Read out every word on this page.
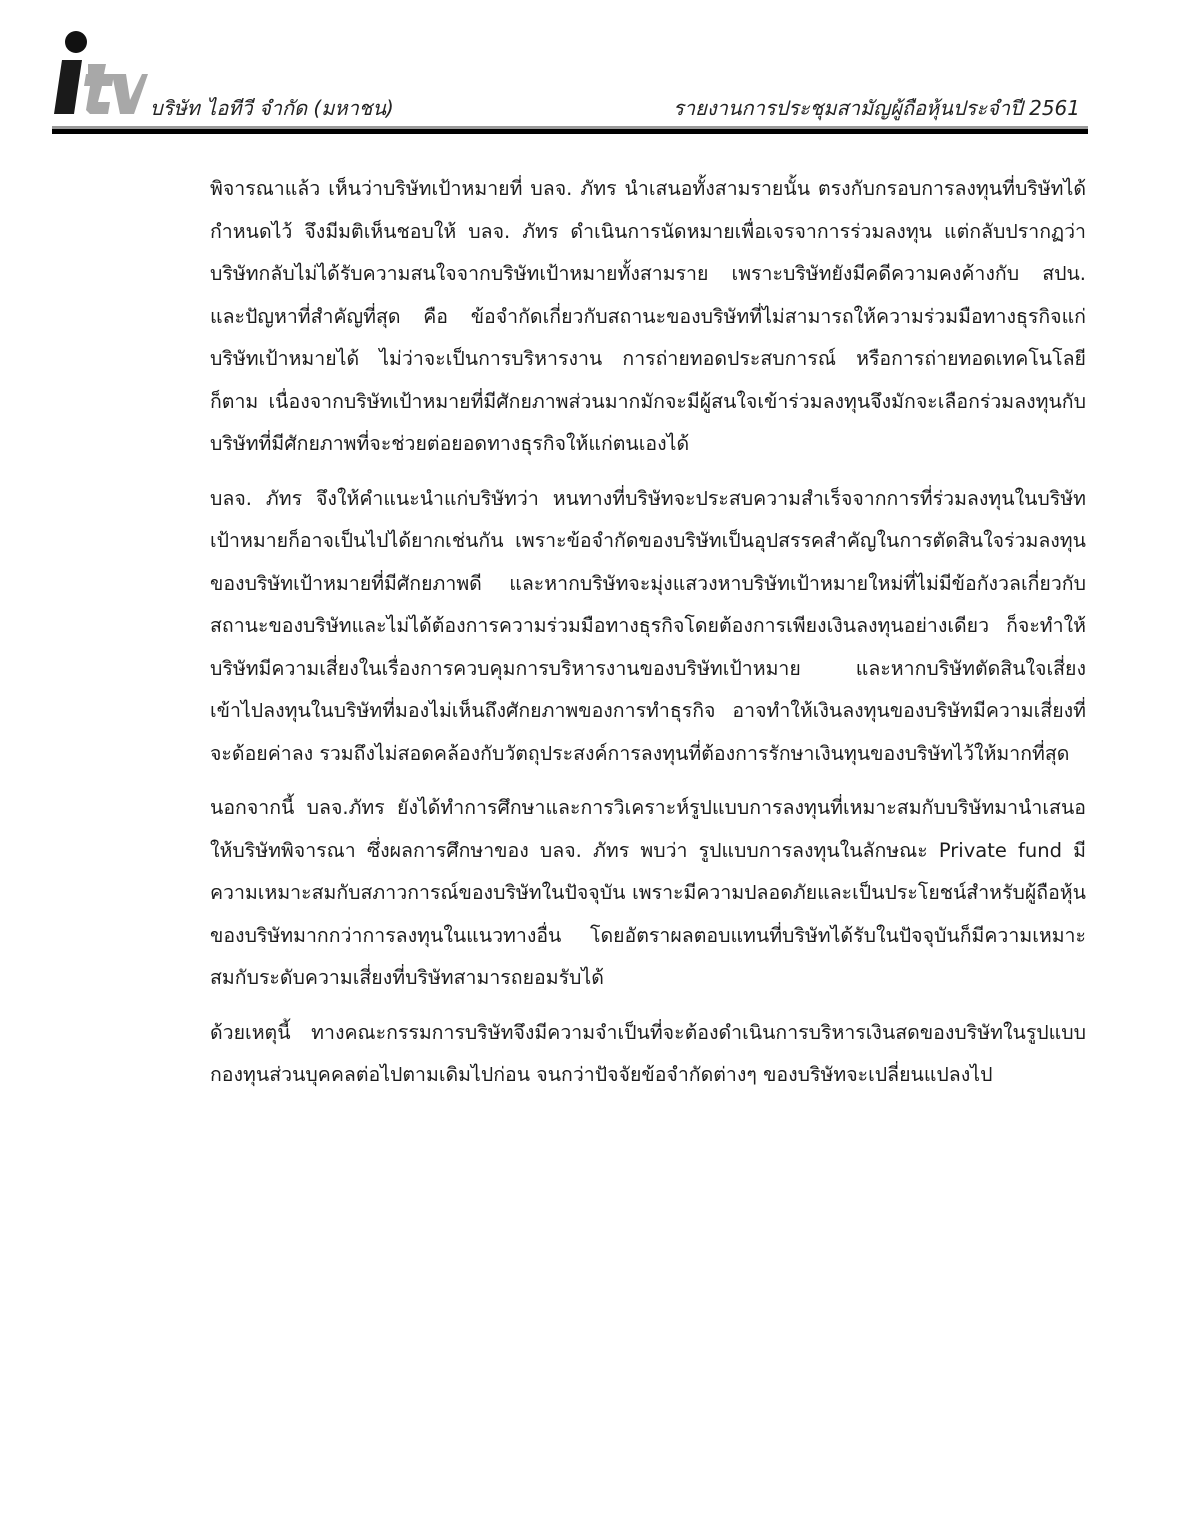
บริษัท ไอทีวี จำกัด (มหาชน)	รายงานการประชุมสามัญผู้ถือหุ้นประจำปี 2561

พิจารณาแล้ว เห็นว่าบริษัทเป้าหมายที่ บลจ. ภัทร นำเสนอทั้งสามรายนั้น ตรงกับกรอบการลงทุนที่บริษัทได้กำหนดไว้ จึงมีมติเห็นชอบให้ บลจ. ภัทร ดำเนินการนัดหมายเพื่อเจรจาการร่วมลงทุน แต่กลับปรากฏว่า บริษัทกลับไม่ได้รับความสนใจจากบริษัทเป้าหมายทั้งสามราย เพราะบริษัทยังมีคดีความคงค้างกับ สปน. และปัญหาที่สำคัญที่สุด คือ ข้อจำกัดเกี่ยวกับสถานะของบริษัทที่ไม่สามารถให้ความร่วมมือทางธุรกิจแก่บริษัทเป้าหมายได้ ไม่ว่าจะเป็นการบริหารงาน การถ่ายทอดประสบการณ์ หรือการถ่ายทอดเทคโนโลยีก็ตาม เนื่องจากบริษัทเป้าหมายที่มีศักยภาพส่วนมากมักจะมีผู้สนใจเข้าร่วมลงทุนจึงมักจะเลือกร่วมลงทุนกับบริษัทที่มีศักยภาพที่จะช่วยต่อยอดทางธุรกิจให้แก่ตนเองได้

บลจ. ภัทร จึงให้คำแนะนำแก่บริษัทว่า หนทางที่บริษัทจะประสบความสำเร็จจากการที่ร่วมลงทุนในบริษัทเป้าหมายก็อาจเป็นไปได้ยากเช่นกัน เพราะข้อจำกัดของบริษัทเป็นอุปสรรคสำคัญในการตัดสินใจร่วมลงทุนของบริษัทเป้าหมายที่มีศักยภาพดี และหากบริษัทจะมุ่งแสวงหาบริษัทเป้าหมายใหม่ที่ไม่มีข้อกังวลเกี่ยวกับสถานะของบริษัทและไม่ได้ต้องการความร่วมมือทางธุรกิจโดยต้องการเพียงเงินลงทุนอย่างเดียว ก็จะทำให้บริษัทมีความเสี่ยงในเรื่องการควบคุมการบริหารงานของบริษัทเป้าหมาย และหากบริษัทตัดสินใจเสี่ยงเข้าไปลงทุนในบริษัทที่มองไม่เห็นถึงศักยภาพของการทำธุรกิจ อาจทำให้เงินลงทุนของบริษัทมีความเสี่ยงที่จะด้อยค่าลง รวมถึงไม่สอดคล้องกับวัตถุประสงค์การลงทุนที่ต้องการรักษาเงินทุนของบริษัทไว้ให้มากที่สุด

นอกจากนี้ บลจ.ภัทร ยังได้ทำการศึกษาและการวิเคราะห์รูปแบบการลงทุนที่เหมาะสมกับบริษัทมานำเสนอให้บริษัทพิจารณา ซึ่งผลการศึกษาของ บลจ. ภัทร พบว่า รูปแบบการลงทุนในลักษณะ Private fund มีความเหมาะสมกับสภาวการณ์ของบริษัทในปัจจุบัน เพราะมีความปลอดภัยและเป็นประโยชน์สำหรับผู้ถือหุ้นของบริษัทมากกว่าการลงทุนในแนวทางอื่น โดยอัตราผลตอบแทนที่บริษัทได้รับในปัจจุบันก็มีความเหมาะสมกับระดับความเสี่ยงที่บริษัทสามารถยอมรับได้

ด้วยเหตุนี้ ทางคณะกรรมการบริษัทจึงมีความจำเป็นที่จะต้องดำเนินการบริหารเงินสดของบริษัทในรูปแบบกองทุนส่วนบุคคลต่อไปตามเดิมไปก่อน จนกว่าปัจจัยข้อจำกัดต่างๆ ของบริษัทจะเปลี่ยนแปลงไป
